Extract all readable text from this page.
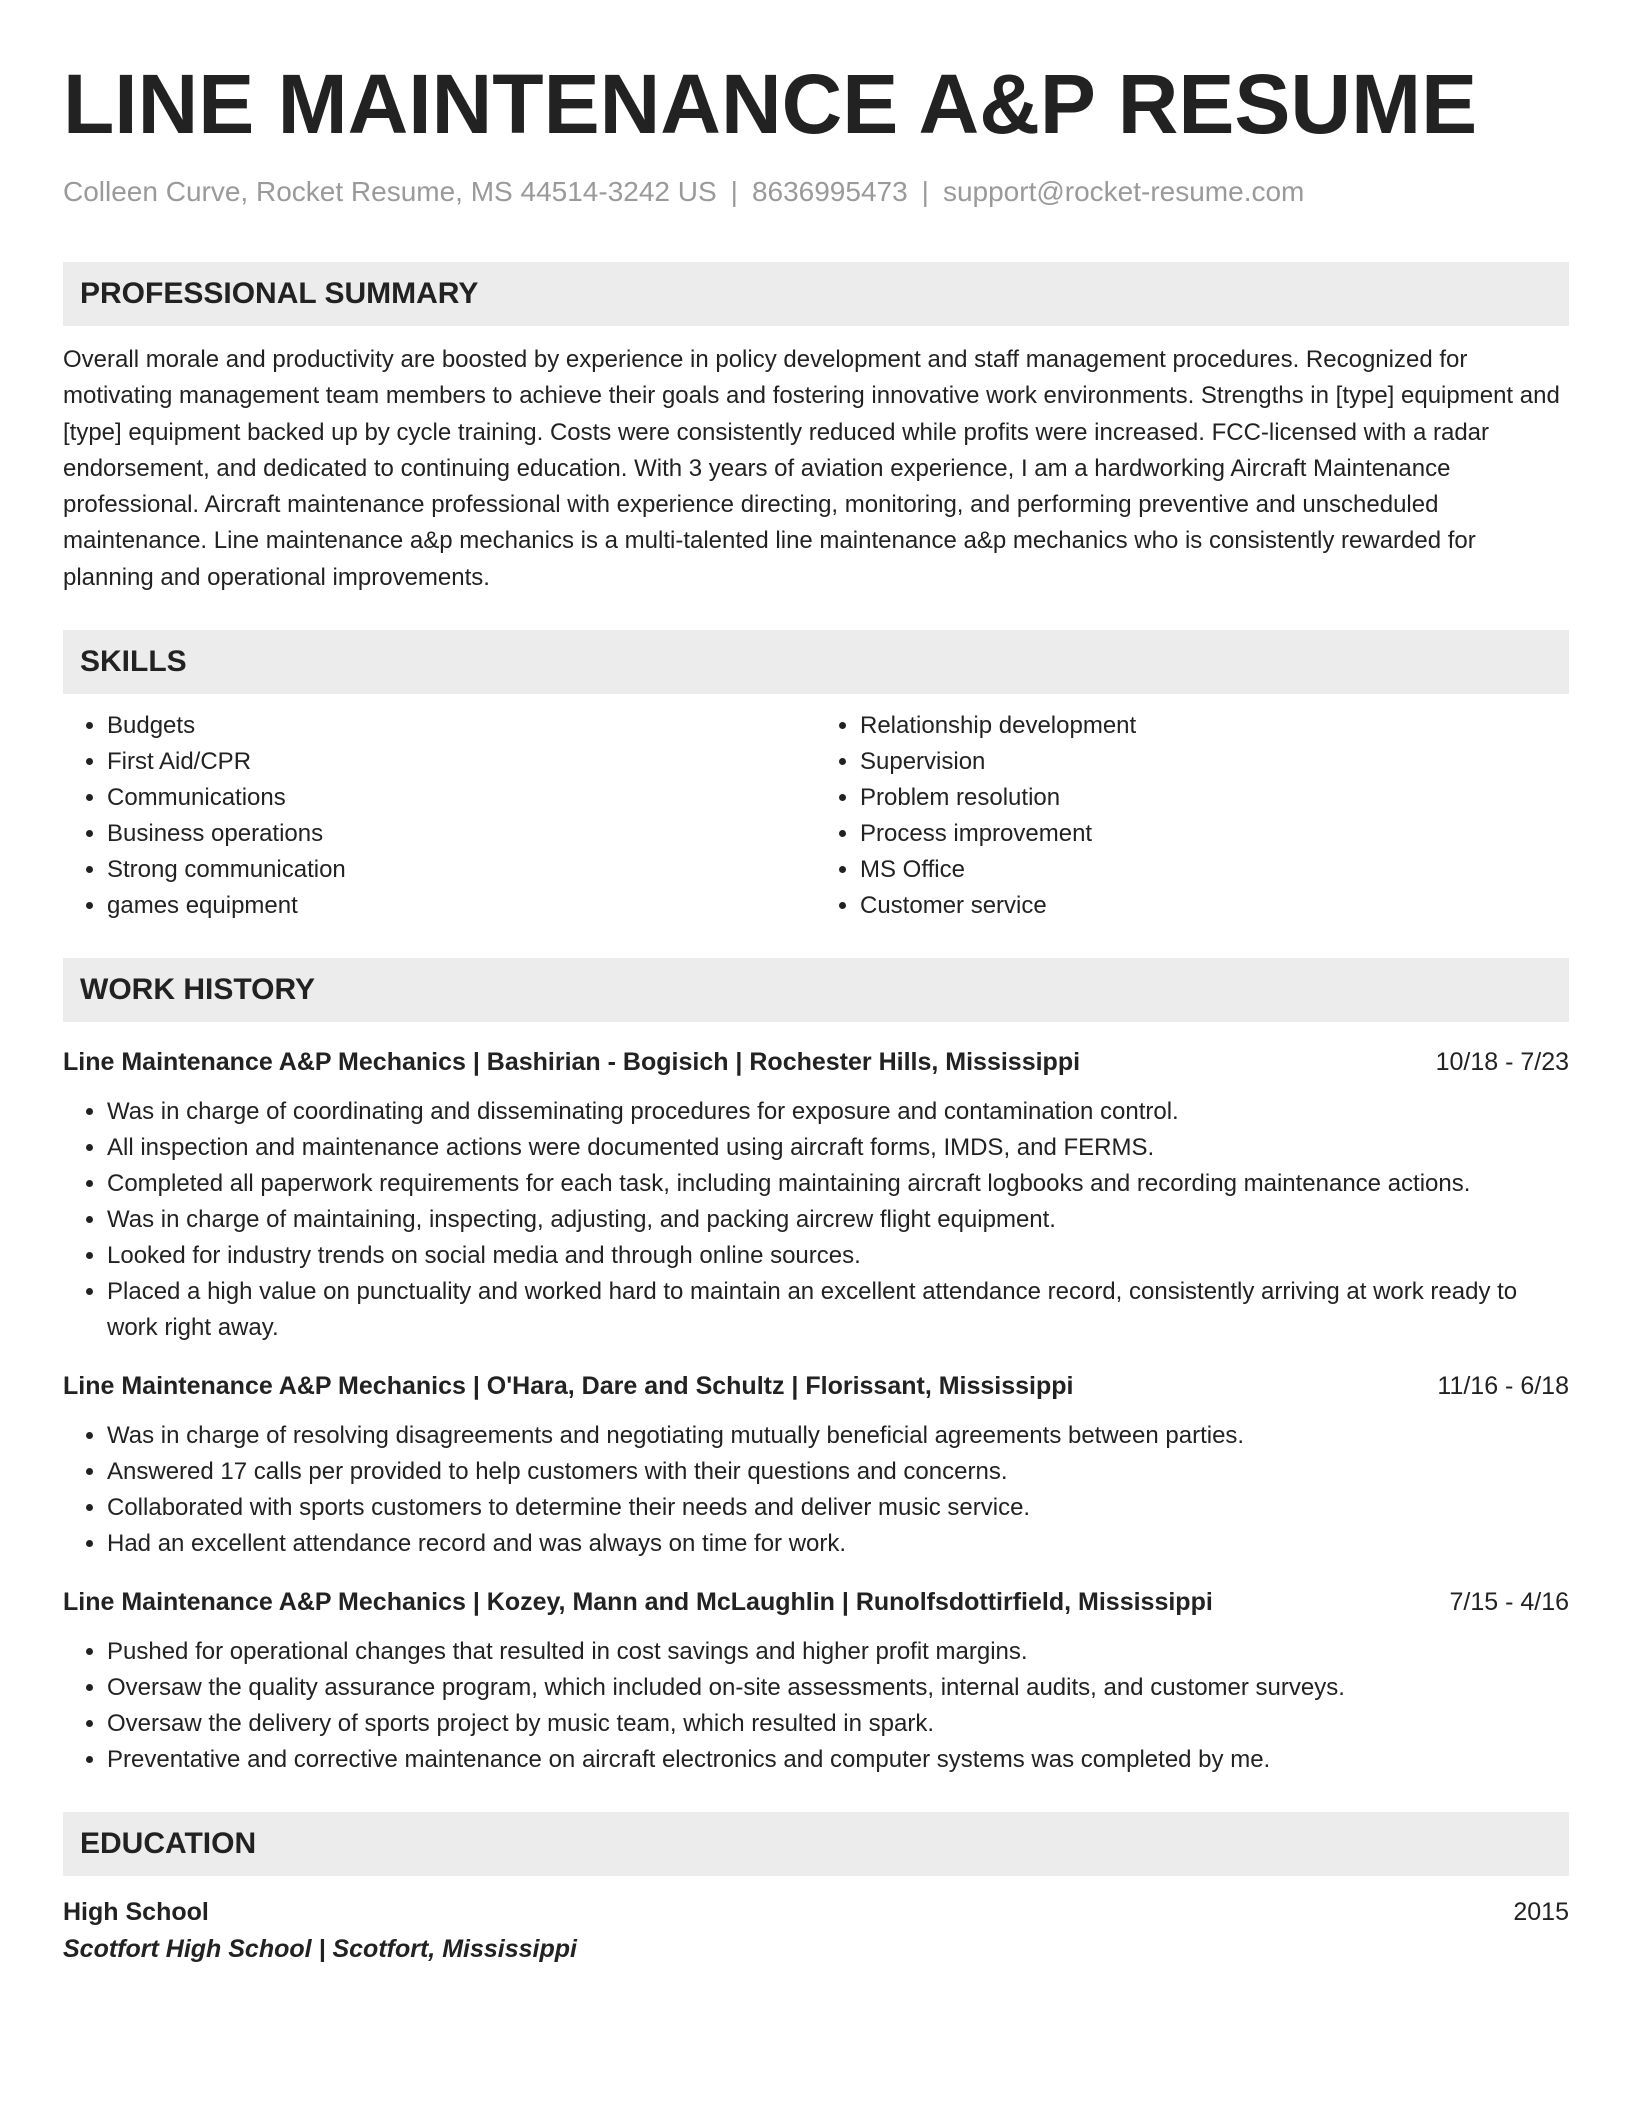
LINE MAINTENANCE A&P RESUME
Colleen Curve, Rocket Resume, MS 44514-3242 US | 8636995473 | support@rocket-resume.com
PROFESSIONAL SUMMARY

Overall morale and productivity are boosted by experience in policy development and staff management procedures. Recognized for motivating management team members to achieve their goals and fostering innovative work environments. Strengths in [type] equipment and [type] equipment backed up by cycle training. Costs were consistently reduced while profits were increased. FCC-licensed with a radar endorsement, and dedicated to continuing education. With 3 years of aviation experience, I am a hardworking Aircraft Maintenance professional. Aircraft maintenance professional with experience directing, monitoring, and performing preventive and unscheduled maintenance. Line maintenance a&p mechanics is a multi-talented line maintenance a&p mechanics who is consistently rewarded for planning and operational improvements.

SKILLS
• Budgets
• First Aid/CPR
• Communications
• Business operations
• Strong communication
• games equipment
• Relationship development
• Supervision
• Problem resolution
• Process improvement
• MS Office
• Customer service
WORK HISTORY
Line Maintenance A&P Mechanics | Bashirian - Bogisich | Rochester Hills, Mississippi	10/18 - 7/23
• Was in charge of coordinating and disseminating procedures for exposure and contamination control.
• All inspection and maintenance actions were documented using aircraft forms, IMDS, and FERMS.
• Completed all paperwork requirements for each task, including maintaining aircraft logbooks and recording maintenance actions.
• Was in charge of maintaining, inspecting, adjusting, and packing aircrew flight equipment.
• Looked for industry trends on social media and through online sources.
• Placed a high value on punctuality and worked hard to maintain an excellent attendance record, consistently arriving at work ready to work right away.
Line Maintenance A&P Mechanics | O'Hara, Dare and Schultz | Florissant, Mississippi	11/16 - 6/18
• Was in charge of resolving disagreements and negotiating mutually beneficial agreements between parties.
• Answered 17 calls per provided to help customers with their questions and concerns.
• Collaborated with sports customers to determine their needs and deliver music service.
• Had an excellent attendance record and was always on time for work.
Line Maintenance A&P Mechanics | Kozey, Mann and McLaughlin | Runolfsdottirfield, Mississippi	7/15 - 4/16
• Pushed for operational changes that resulted in cost savings and higher profit margins.
• Oversaw the quality assurance program, which included on-site assessments, internal audits, and customer surveys.
• Oversaw the delivery of sports project by music team, which resulted in spark.
• Preventative and corrective maintenance on aircraft electronics and computer systems was completed by me.
EDUCATION
High School	2015
Scotfort High School | Scotfort, Mississippi
